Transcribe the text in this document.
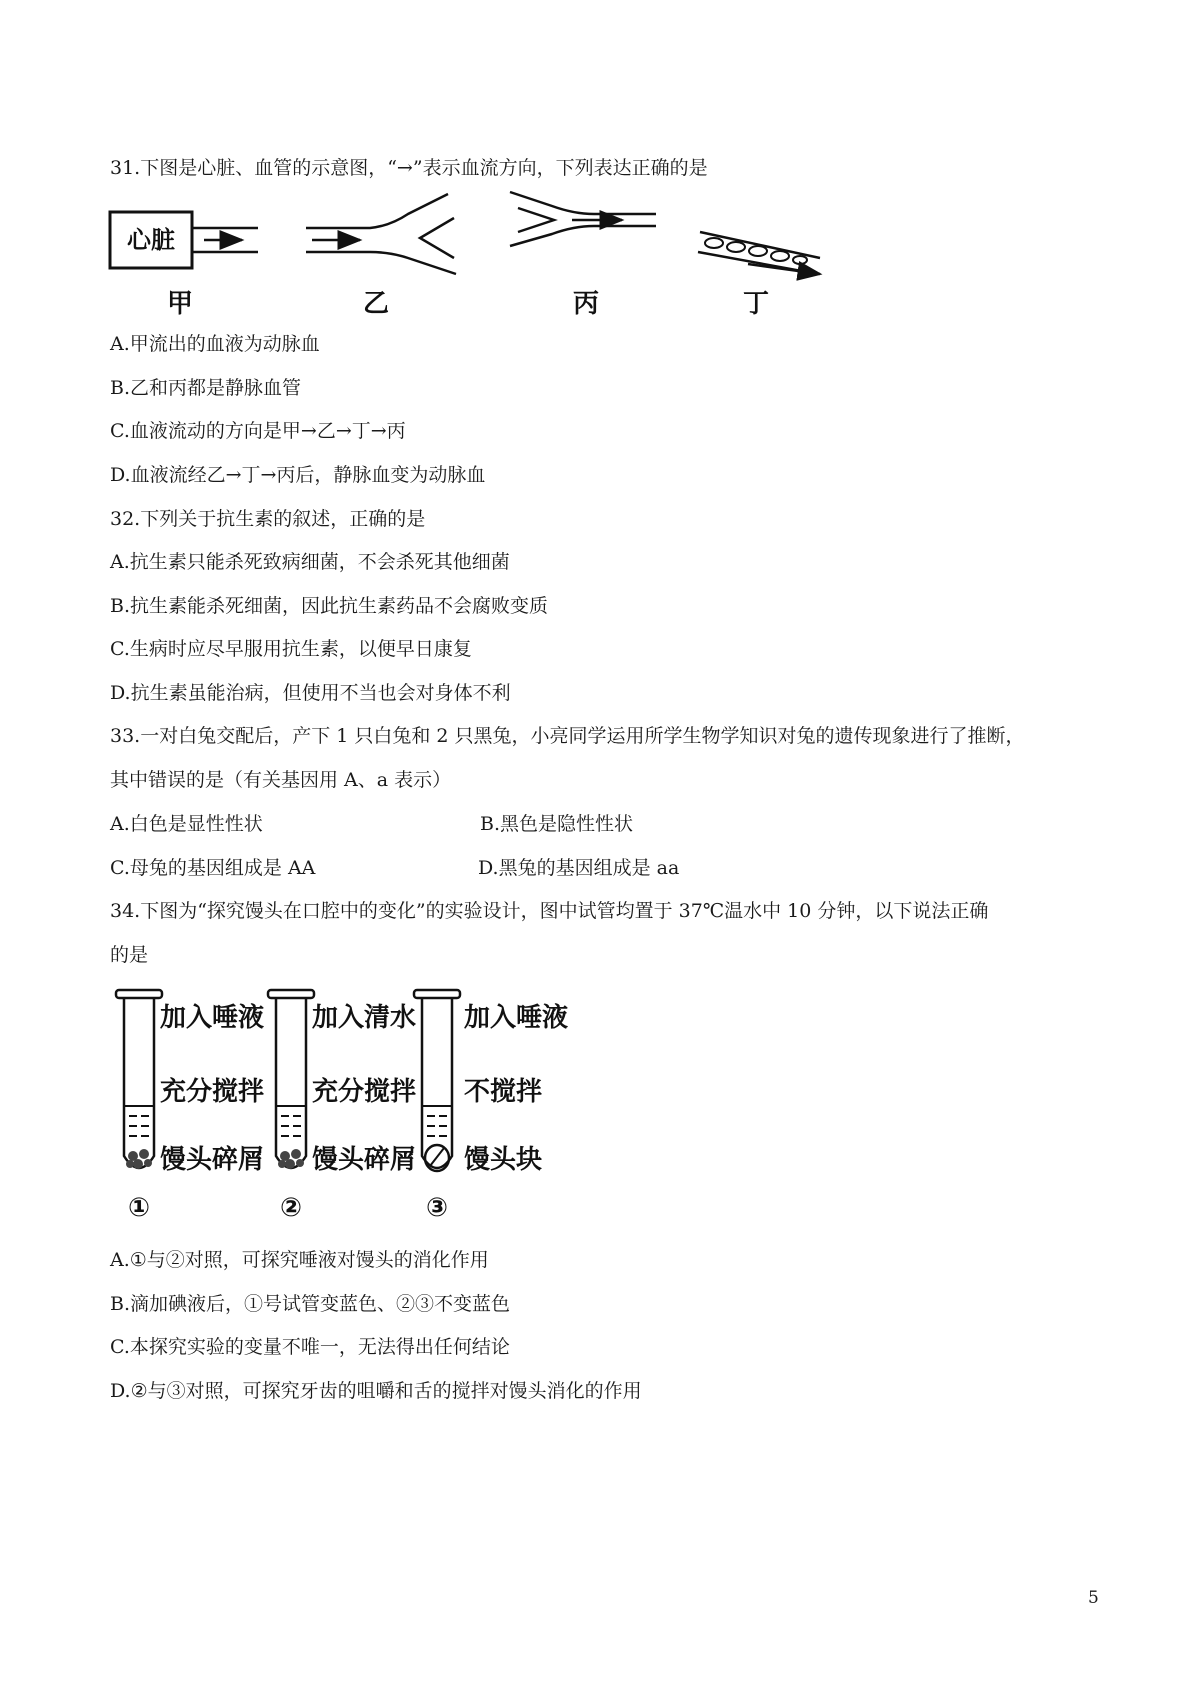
31.下图是心脏、血管的示意图，“→”表示血流方向，下列表达正确的是
心脏
甲	乙	丙	丁
A.甲流出的血液为动脉血
B.乙和丙都是静脉血管
C.血液流动的方向是甲→乙→丁→丙
D.血液流经乙→丁→丙后，静脉血变为动脉血
32.下列关于抗生素的叙述，正确的是
A.抗生素只能杀死致病细菌，不会杀死其他细菌
B.抗生素能杀死细菌，因此抗生素药品不会腐败变质
C.生病时应尽早服用抗生素，以便早日康复
D.抗生素虽能治病，但使用不当也会对身体不利
33.一对白兔交配后，产下 1 只白兔和 2 只黑兔，小亮同学运用所学生物学知识对兔的遗传现象进行了推断，
其中错误的是（有关基因用 A、a 表示）
A.白色是显性性状	B.黑色是隐性性状
C.母兔的基因组成是 AA	D.黑兔的基因组成是 aa
34.下图为“探究馒头在口腔中的变化”的实验设计，图中试管均置于 37℃温水中 10 分钟，以下说法正确
的是
①
加入唾液
充分搅拌
馒头碎屑
②
加入清水
充分搅拌
馒头碎屑
③
加入唾液
不搅拌
馒头块
A.①与②对照，可探究唾液对馒头的消化作用
B.滴加碘液后，①号试管变蓝色、②③不变蓝色
C.本探究实验的变量不唯一，无法得出任何结论
D.②与③对照，可探究牙齿的咀嚼和舌的搅拌对馒头消化的作用
5
